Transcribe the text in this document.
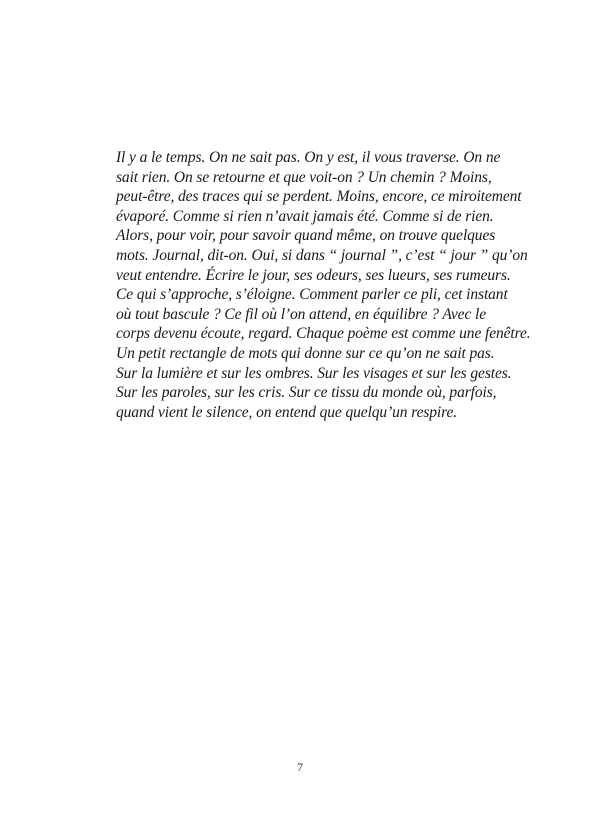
Il y a le temps. On ne sait pas. On y est, il vous traverse. On ne
sait rien. On se retourne et que voit-on ? Un chemin ? Moins,
peut-être, des traces qui se perdent. Moins, encore, ce miroitement
évaporé. Comme si rien n’avait jamais été. Comme si de rien.
Alors, pour voir, pour savoir quand même, on trouve quelques
mots. Journal, dit-on. Oui, si dans “ journal ”, c’est “ jour ” qu’on
veut entendre. Écrire le jour, ses odeurs, ses lueurs, ses rumeurs.
Ce qui s’approche, s’éloigne. Comment parler ce pli, cet instant
où tout bascule ? Ce fil où l’on attend, en équilibre ? Avec le
corps devenu écoute, regard. Chaque poème est comme une fenêtre.
Un petit rectangle de mots qui donne sur ce qu’on ne sait pas.
Sur la lumière et sur les ombres. Sur les visages et sur les gestes.
Sur les paroles, sur les cris. Sur ce tissu du monde où, parfois,
quand vient le silence, on entend que quelqu’un respire.
7
